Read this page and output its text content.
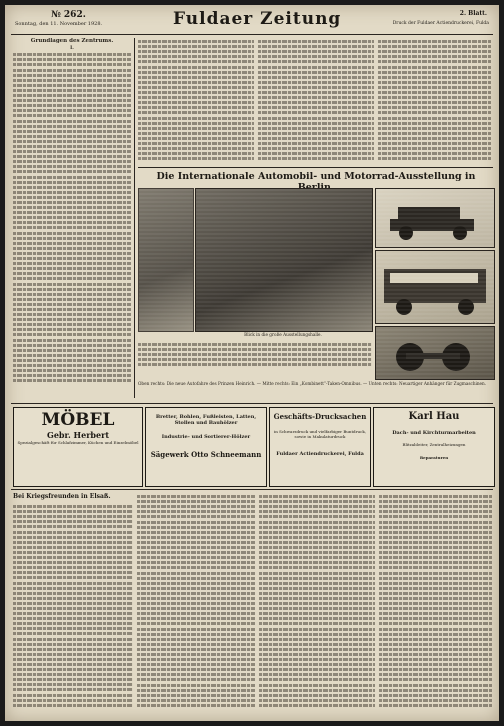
№ 262.
Sonntag, den 11. November 1928.	Fuldaer Zeitung	2. Blatt.
Druck der Fuldaer Actiendruckerei, Fulda
Grundlagen des Zentrums.
I.
Die Internationale Automobil- und Motorrad-Ausstellung in
Blick in die große Ausstellungshalle.
Oben rechts: Die neue Autofahre des Prinzen Heinrich. — Mitte rechts: Ein „Kombinett“-Taken-Omnibus. — Unten rechts: Neuartiger Anhänger für Zugmaschinen.
MÖBEL
Gebr. Herbert
Spezialgeschäft für Schlafzimmer, Küchen und Einzelmöbel
Bretter, Bohlen, Fußleisten, Latten,
Stollen und Bauhölzer
Industrie- und Sortierer-Hölzer
Sägewerk Otto Schneemann
Geschäfts-Drucksachen
in Schwarzdruck und vielfarbiger Buntdruck, sowie in Makulaturdruck
Fuldaer Actiendruckerei, Fulda
Karl Hau
Dach- und Kirchturmarbeiten
Blitzableiter, Zentralheizungen
Reparaturen
Bei Kriegsfreunden in Elsaß.
